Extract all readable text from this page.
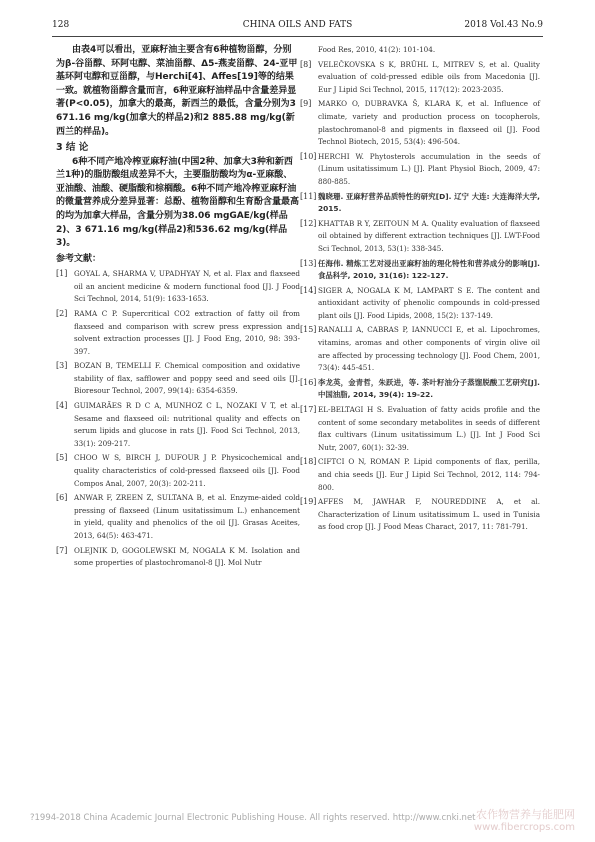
128	CHINA OILS AND FATS	2018 Vol.43 No.9

由表4可以看出，亚麻籽油主要含有6种植物甾醇，分别为β-谷甾醇、环阿屯醇、菜油甾醇、Δ5-燕麦甾醇、24-亚甲基环阿屯醇和豆甾醇，与Herchi[4]、Affes[19]等的结果一致。就植物甾醇含量而言，6种亚麻籽油样品中含量差异显著(P<0.05)，加拿大的最高，新西兰的最低，含量分别为3 671.16 mg/kg(加拿大的样品2)和2 885.88 mg/kg(新西兰的样品)。

3 结 论

6种不同产地冷榨亚麻籽油(中国2种、加拿大3种和新西兰1种)的脂肪酸组成差异不大，主要脂肪酸均为α-亚麻酸、亚油酸、油酸、硬脂酸和棕榈酸。6种不同产地冷榨亚麻籽油的微量营养成分差异显著：总酚、植物甾醇和生育酚含量最高的均为加拿大样品，含量分别为38.06 mgGAE/kg(样品2)、3 671.16 mg/kg(样品2)和536.62 mg/kg(样品3)。

参考文献：
[1] GOYAL A, SHARMA V, UPADHYAY N, et al. Flax and flaxseed oil an ancient medicine & modern functional food [J]. J Food Sci Technol, 2014, 51(9): 1633-1653.
[2] RAMA C P. Supercritical CO2 extraction of fatty oil from flaxseed and comparison with screw press expression and solvent extraction processes [J]. J Food Eng, 2010, 98: 393-397.
[3] BOZAN B, TEMELLI F. Chemical composition and oxidative stability of flax, safflower and poppy seed and seed oils [J]. Bioresour Technol, 2007, 99(14): 6354-6359.
[4] GUIMARÃES R D C A, MUNHOZ C L, NOZAKI V T, et al. Sesame and flaxseed oil: nutritional quality and effects on serum lipids and glucose in rats [J]. Food Sci Technol, 2013, 33(1): 209-217.
[5] CHOO W S, BIRCH J, DUFOUR J P. Physicochemical and quality characteristics of cold-pressed flaxseed oils [J]. Food Compos Anal, 2007, 20(3): 202-211.
[6] ANWAR F, ZREEN Z, SULTANA B, et al. Enzyme-aided cold pressing of flaxseed (Linum usitatissimum L.) enhancement in yield, quality and phenolics of the oil [J]. Grasas Aceites, 2013, 64(5): 463-471.
[7] OLEJNIK D, GOGOLEWSKI M, NOGALA K M. Isolation and some properties of plastochromanol-8 [J]. Mol Nutr
Food Res, 2010, 41(2): 101-104.
[8] VELEČKOVSKA S K, BRÜHL L, MITREV S, et al. Quality evaluation of cold-pressed edible oils from Macedonia [J]. Eur J Lipid Sci Technol, 2015, 117(12): 2023-2035.
[9] MARKO O, DUBRAVKA Š, KLARA K, et al. Influence of climate, variety and production process on tocopherols, plastochromanol-8 and pigments in flaxseed oil [J]. Food Technol Biotech, 2015, 53(4): 496-504.
[10] HERCHI W. Phytosterols accumulation in the seeds of (Linum usitatissimum L.) [J]. Plant Physiol Bioch, 2009, 47: 880-885.
[11] 魏晓珊. 亚麻籽营养品质特性的研究[D]. 辽宁 大连: 大连海洋大学, 2015.
[12] KHATTAB R Y, ZEITOUN M A. Quality evaluation of flaxseed oil obtained by different extraction techniques [J]. LWT-Food Sci Technol, 2013, 53(1): 338-345.
[13] 任海伟. 精炼工艺对浸出亚麻籽油的理化特性和营养成分的影响[J]. 食品科学, 2010, 31(16): 122-127.
[14] SIGER A, NOGALA K M, LAMPART S E. The content and antioxidant activity of phenolic compounds in cold-pressed plant oils [J]. Food Lipids, 2008, 15(2): 137-149.
[15] RANALLI A, CABRAS P, IANNUCCI E, et al. Lipochromes, vitamins, aromas and other components of virgin olive oil are affected by processing technology [J]. Food Chem, 2001, 73(4): 445-451.
[16] 李龙英，金青哲，朱跃进，等. 茶叶籽油分子蒸馏脱酸工艺研究[J]. 中国油脂, 2014, 39(4): 19-22.
[17] EL-BELTAGI H S. Evaluation of fatty acids profile and the content of some secondary metabolites in seeds of different flax cultivars (Linum usitatissimum L.) [J]. Int J Food Sci Nutr, 2007, 60(1): 32-39.
[18] CIFTCI O N, ROMAN P. Lipid components of flax, perilla, and chia seeds [J]. Eur J Lipid Sci Technol, 2012, 114: 794-800.
[19] AFFES M, JAWHAR F, NOUREDDINE A, et al. Characterization of Linum usitatissimum L. used in Tunisia as food crop [J]. J Food Meas Charact, 2017, 11: 781-791.
?1994-2018 China Academic Journal Electronic Publishing House. All rights reserved. http://www.cnki.net 农作物营养与能肥网
www.fibercrops.com
